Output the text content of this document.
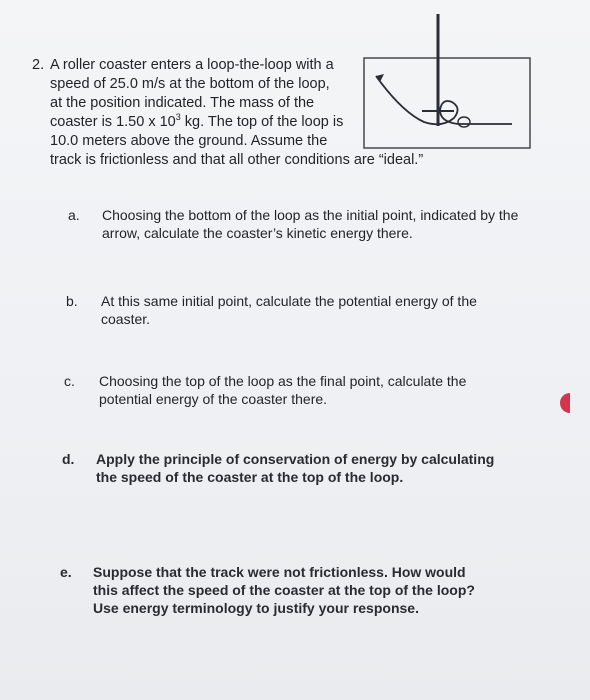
2. A roller coaster enters a loop-the-loop with a
speed of 25.0 m/s at the bottom of the loop,
at the position indicated. The mass of the
coaster is 1.50 x $10^3$ kg. The top of the loop is
10.0 meters above the ground. Assume the
track is frictionless and that all other conditions are “ideal.”
a. Choosing the bottom of the loop as the initial point, indicated by the arrow, calculate the coaster’s kinetic energy there.
b. At this same initial point, calculate the potential energy of the coaster.
c. Choosing the top of the loop as the final point, calculate the potential energy of the coaster there.
d. Apply the principle of conservation of energy by calculating the speed of the coaster at the top of the loop.
e. Suppose that the track were not frictionless. How would this affect the speed of the coaster at the top of the loop? Use energy terminology to justify your response.
